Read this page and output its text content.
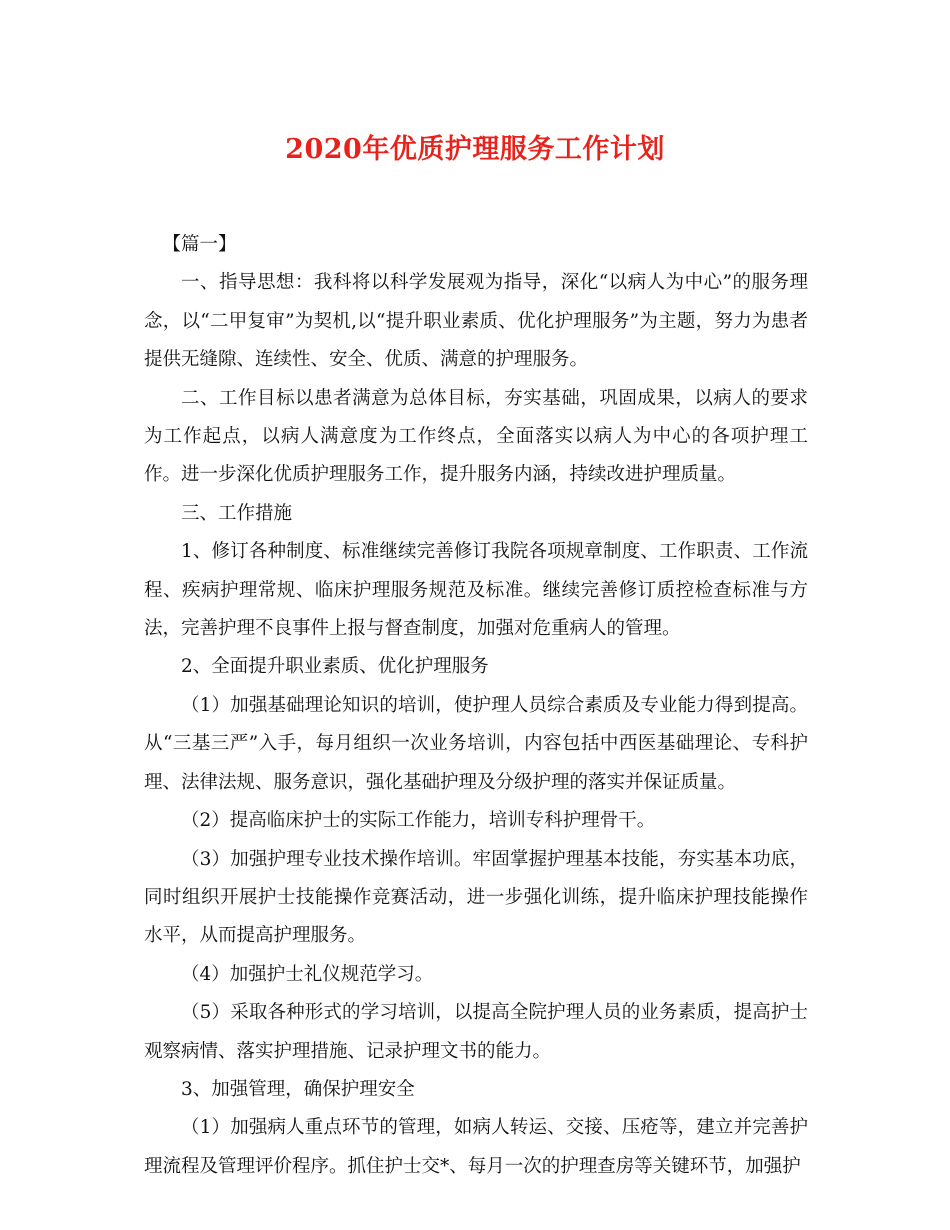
2020年优质护理服务工作计划

【篇一】

一、指导思想：我科将以科学发展观为指导，深化“以病人为中心”的服务理念，以“二甲复审”为契机,以“提升职业素质、优化护理服务”为主题，努力为患者提供无缝隙、连续性、安全、优质、满意的护理服务。

二、工作目标以患者满意为总体目标，夯实基础，巩固成果，以病人的要求为工作起点，以病人满意度为工作终点，全面落实以病人为中心的各项护理工作。进一步深化优质护理服务工作，提升服务内涵，持续改进护理质量。

三、工作措施

1、修订各种制度、标准继续完善修订我院各项规章制度、工作职责、工作流程、疾病护理常规、临床护理服务规范及标准。继续完善修订质控检查标准与方法，完善护理不良事件上报与督查制度，加强对危重病人的管理。

2、全面提升职业素质、优化护理服务

（1）加强基础理论知识的培训，使护理人员综合素质及专业能力得到提高。从“三基三严”入手，每月组织一次业务培训，内容包括中西医基础理论、专科护理、法律法规、服务意识，强化基础护理及分级护理的落实并保证质量。

（2）提高临床护士的实际工作能力，培训专科护理骨干。

（3）加强护理专业技术操作培训。牢固掌握护理基本技能，夯实基本功底，同时组织开展护士技能操作竞赛活动，进一步强化训练，提升临床护理技能操作水平，从而提高护理服务。

（4）加强护士礼仪规范学习。

（5）采取各种形式的学习培训，以提高全院护理人员的业务素质，提高护士观察病情、落实护理措施、记录护理文书的能力。

3、加强管理，确保护理安全

（1）加强病人重点环节的管理，如病人转运、交接、压疮等，建立并完善护理流程及管理评价程序。抓住护士交*、每月一次的护理查房等关键环节，加强护
